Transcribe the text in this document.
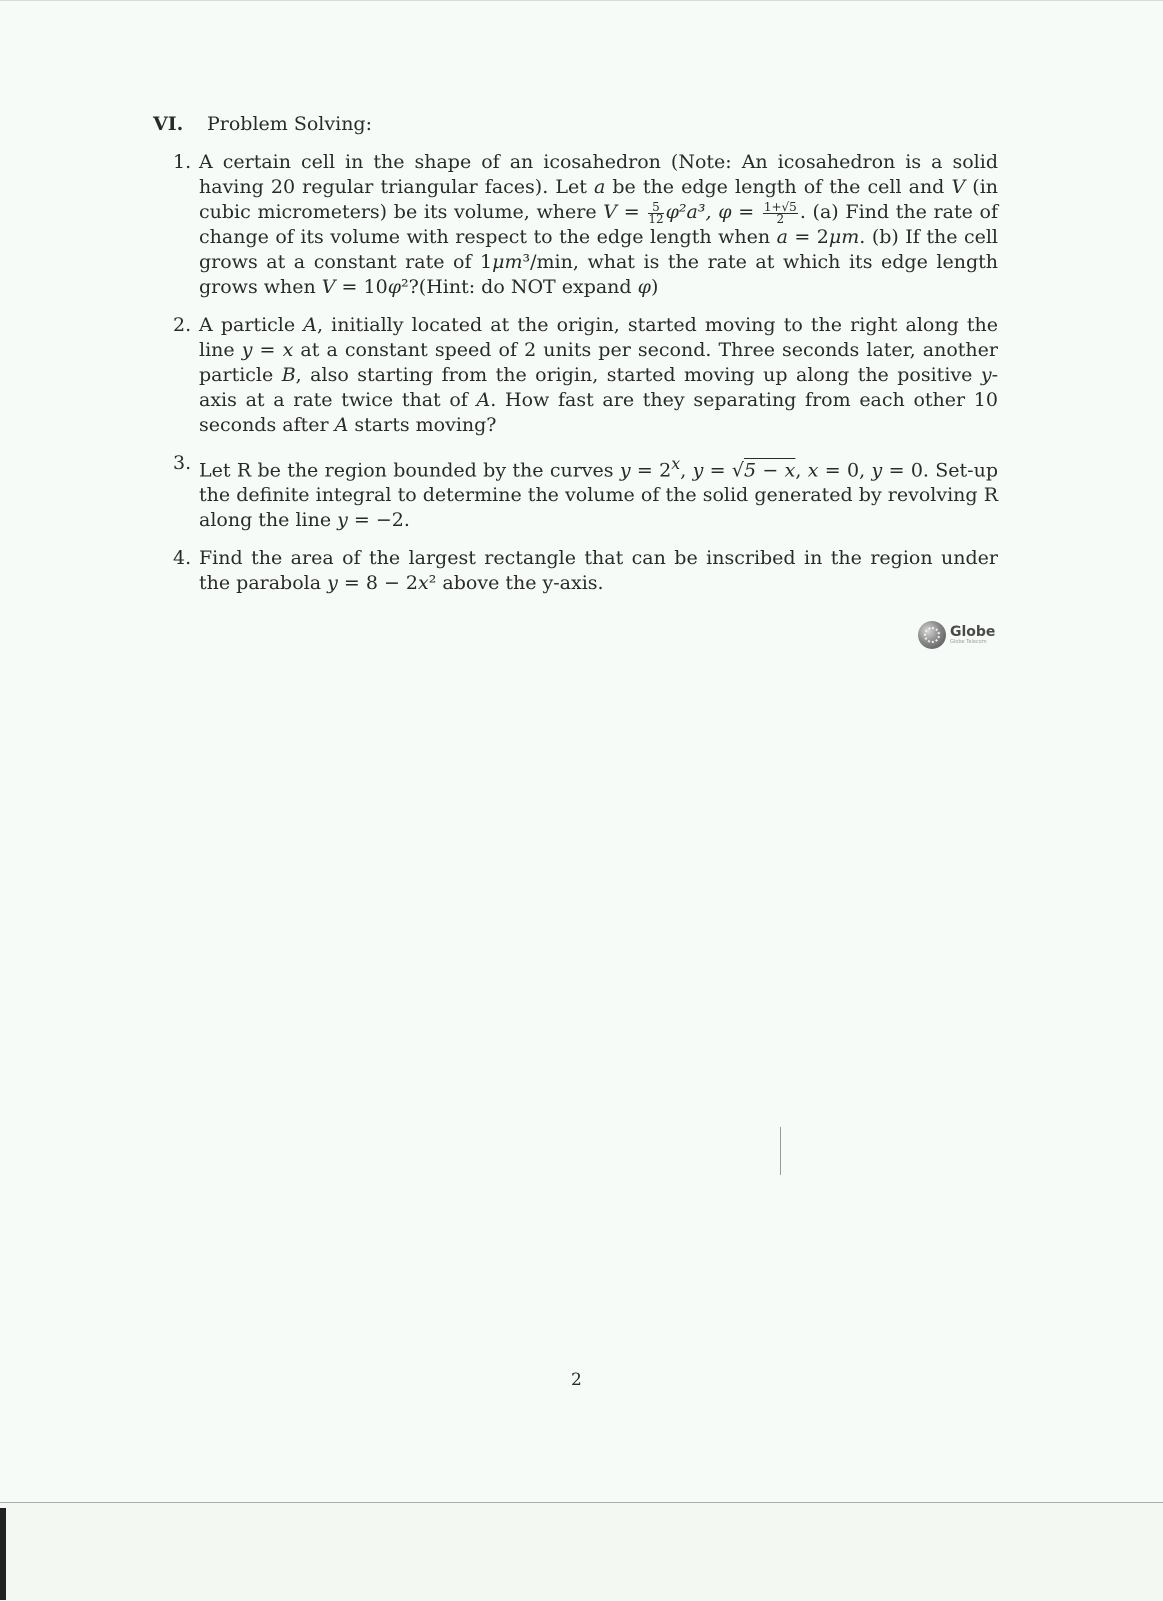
VI.	Problem Solving:
1. A certain cell in the shape of an icosahedron (Note: An icosahedron is a solid having 20 regular triangular faces). Let a be the edge length of the cell and V (in cubic micrometers) be its volume, where $V = \frac{5}{12} \varphi^2a^3$, $\varphi = \frac{1+√5}{2}$ . (a) Find the rate of change of its volume with respect to the edge length when a = 2μm. (b) If the cell grows at a constant rate of 1μm³/min, what is the rate at which its edge length grows when V = 10φ²?(Hint: do NOT expand φ)
2. A particle A, initially located at the origin, started moving to the right along the line y = x at a constant speed of 2 units per second. Three seconds later, another particle B, also starting from the origin, started moving up along the positive y-axis at a rate twice that of A. How fast are they separating from each other 10 seconds after A starts moving?
3. Let R be the region bounded by the curves $y = 2^x$, y = √5 − x, x = 0, y = 0. Set-up the definite integral to determine the volume of the solid generated by revolving R along the line y = −2.
4. Find the area of the largest rectangle that can be inscribed in the region under the parabola y = 8 − 2x² above the y-axis.
Globe
Globe Telecom
2
